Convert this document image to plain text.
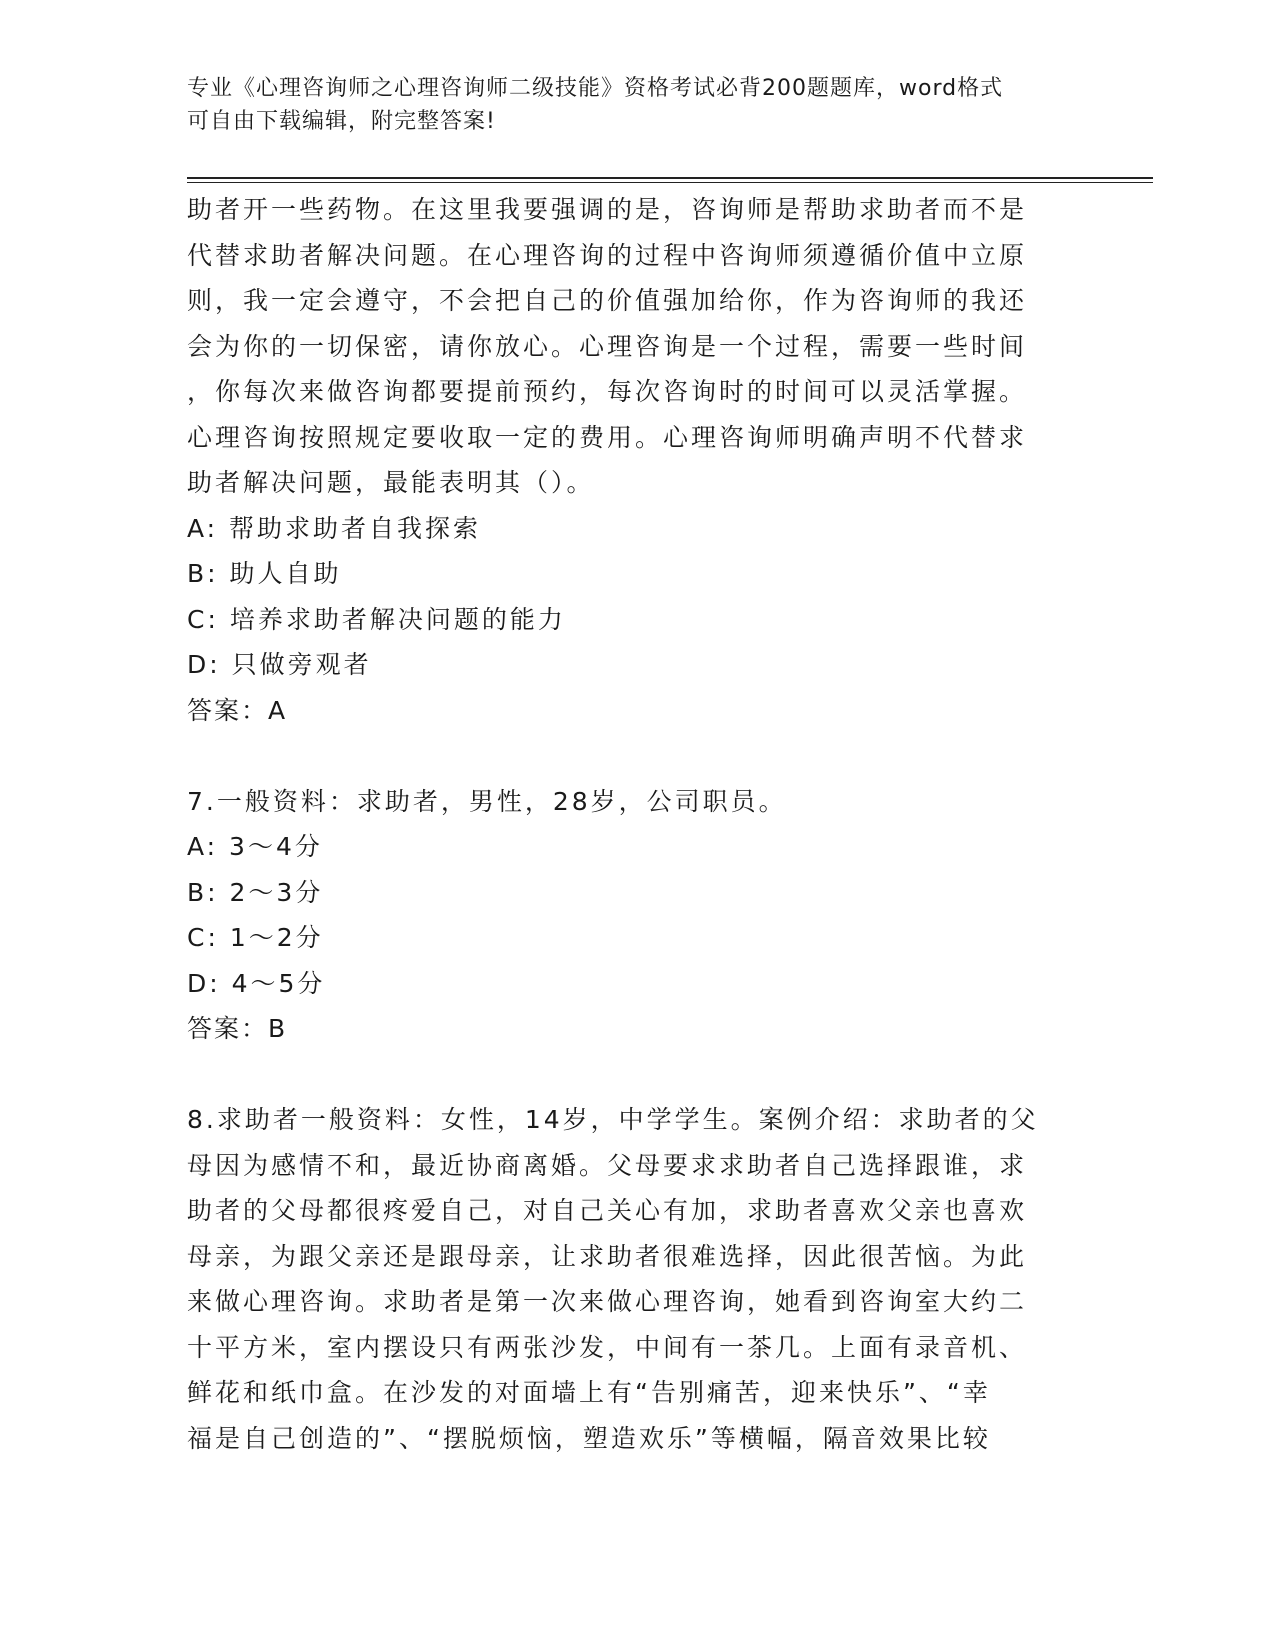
专业《心理咨询师之心理咨询师二级技能》资格考试必背200题题库，word格式
可自由下载编辑，附完整答案!

助者开一些药物。在这里我要强调的是，咨询师是帮助求助者而不是

代替求助者解决问题。在心理咨询的过程中咨询师须遵循价值中立原

则，我一定会遵守，不会把自己的价值强加给你，作为咨询师的我还

会为你的一切保密，请你放心。心理咨询是一个过程，需要一些时间

，你每次来做咨询都要提前预约，每次咨询时的时间可以灵活掌握。

心理咨询按照规定要收取一定的费用。心理咨询师明确声明不代替求

助者解决问题，最能表明其（）。

A: 帮助求助者自我探索

B: 助人自助

C: 培养求助者解决问题的能力

D: 只做旁观者

答案：A

7.一般资料：求助者，男性，28岁，公司职员。

A: 3～4分

B: 2～3分

C: 1～2分

D: 4～5分

答案：B

8.求助者一般资料：女性，14岁，中学学生。案例介绍：求助者的父

母因为感情不和，最近协商离婚。父母要求求助者自己选择跟谁，求

助者的父母都很疼爱自己，对自己关心有加，求助者喜欢父亲也喜欢

母亲，为跟父亲还是跟母亲，让求助者很难选择，因此很苦恼。为此

来做心理咨询。求助者是第一次来做心理咨询，她看到咨询室大约二

十平方米，室内摆设只有两张沙发，中间有一茶几。上面有录音机、

鲜花和纸巾盒。在沙发的对面墙上有“告别痛苦，迎来快乐”、“幸

福是自己创造的”、“摆脱烦恼，塑造欢乐”等横幅，隔音效果比较
